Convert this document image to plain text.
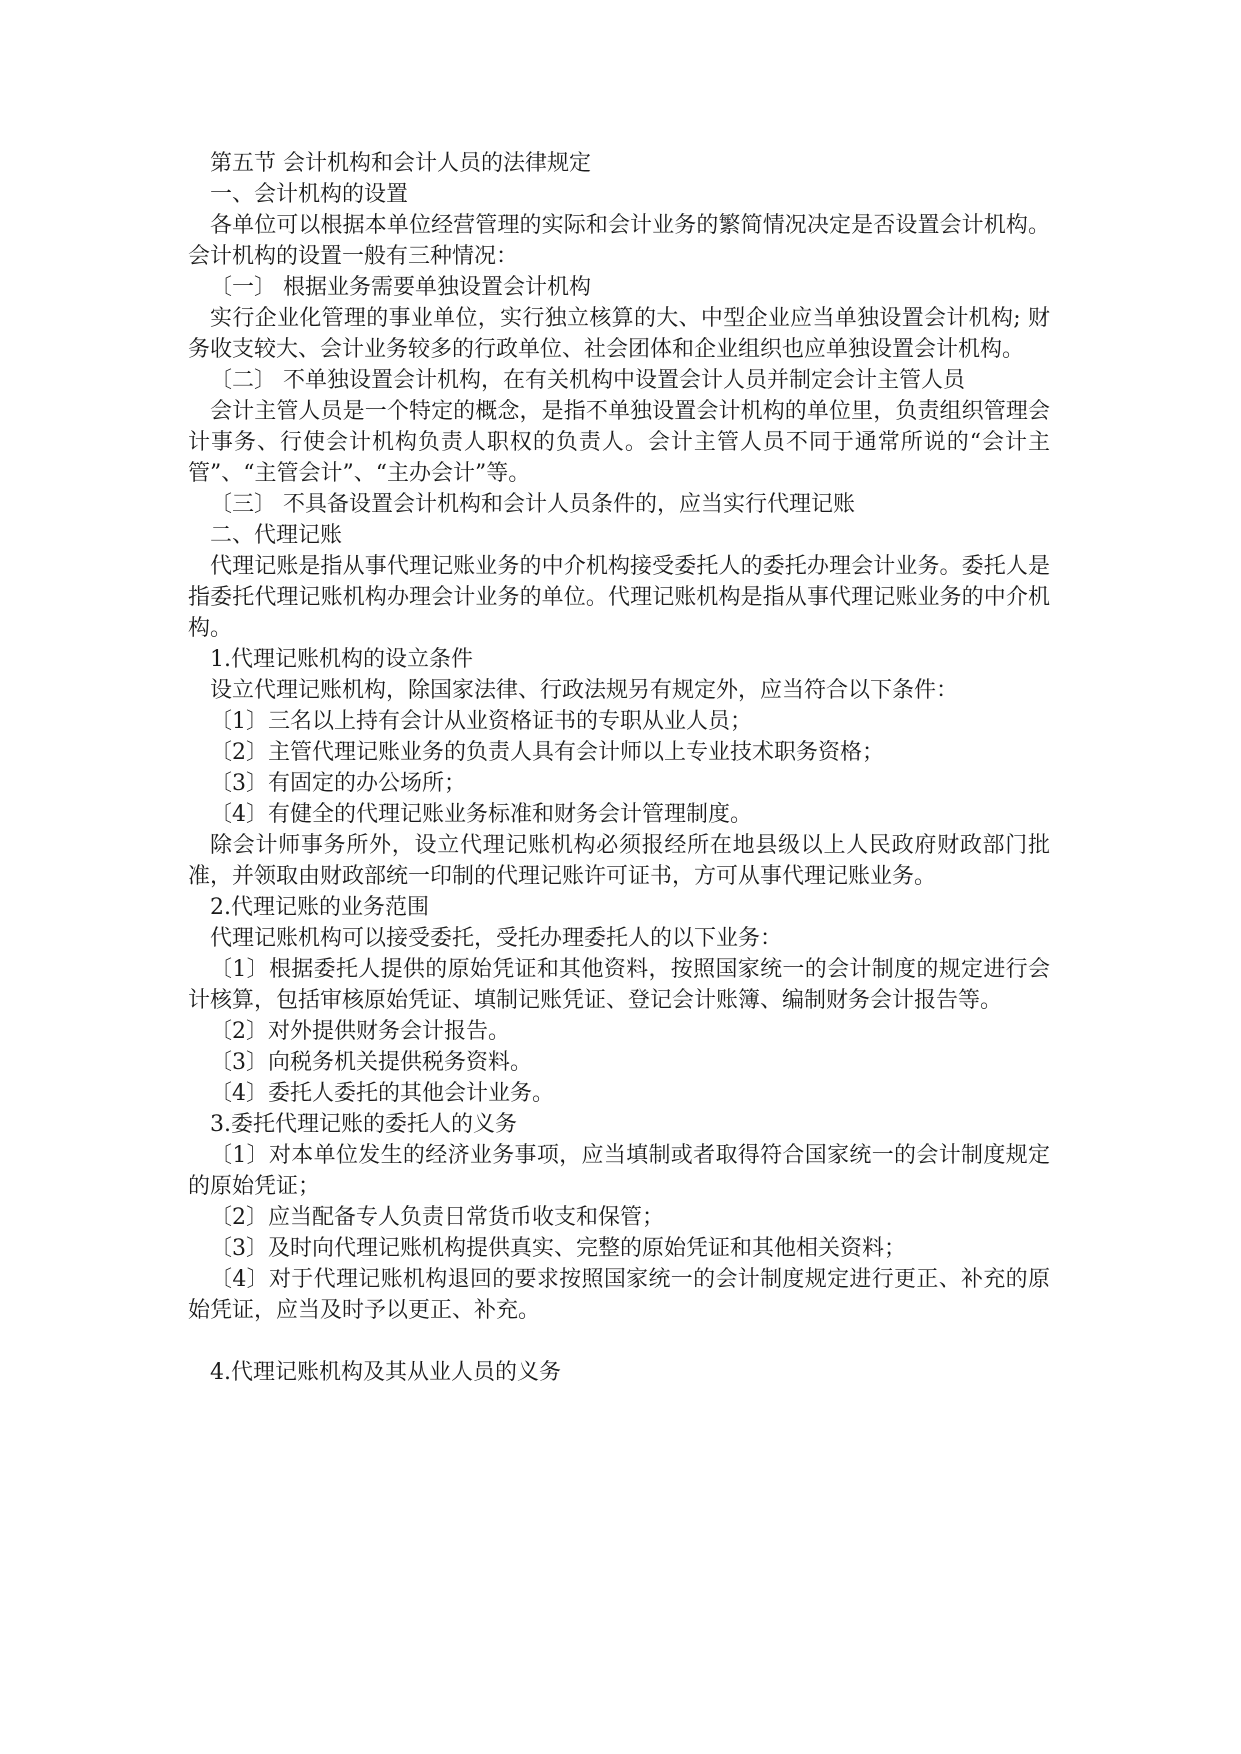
第五节 会计机构和会计人员的法律规定

一、会计机构的设置

各单位可以根据本单位经营管理的实际和会计业务的繁简情况决定是否设置会计机构。会计机构的设置一般有三种情况：

〔一〕 根据业务需要单独设置会计机构

实行企业化管理的事业单位，实行独立核算的大、中型企业应当单独设置会计机构; 财务收支较大、会计业务较多的行政单位、社会团体和企业组织也应单独设置会计机构。

〔二〕 不单独设置会计机构，在有关机构中设置会计人员并制定会计主管人员

会计主管人员是一个特定的概念，是指不单独设置会计机构的单位里，负责组织管理会计事务、行使会计机构负责人职权的负责人。会计主管人员不同于通常所说的“会计主管”、“主管会计”、“主办会计”等。

〔三〕 不具备设置会计机构和会计人员条件的，应当实行代理记账

二、代理记账

代理记账是指从事代理记账业务的中介机构接受委托人的委托办理会计业务。委托人是指委托代理记账机构办理会计业务的单位。代理记账机构是指从事代理记账业务的中介机构。

1.代理记账机构的设立条件

设立代理记账机构，除国家法律、行政法规另有规定外，应当符合以下条件：

〔1〕三名以上持有会计从业资格证书的专职从业人员；

〔2〕主管代理记账业务的负责人具有会计师以上专业技术职务资格；

〔3〕有固定的办公场所；

〔4〕有健全的代理记账业务标准和财务会计管理制度。

除会计师事务所外，设立代理记账机构必须报经所在地县级以上人民政府财政部门批准，并领取由财政部统一印制的代理记账许可证书，方可从事代理记账业务。

2.代理记账的业务范围

代理记账机构可以接受委托，受托办理委托人的以下业务：

〔1〕根据委托人提供的原始凭证和其他资料，按照国家统一的会计制度的规定进行会计核算，包括审核原始凭证、填制记账凭证、登记会计账簿、编制财务会计报告等。

〔2〕对外提供财务会计报告。

〔3〕向税务机关提供税务资料。

〔4〕委托人委托的其他会计业务。

3.委托代理记账的委托人的义务

〔1〕对本单位发生的经济业务事项，应当填制或者取得符合国家统一的会计制度规定的原始凭证；

〔2〕应当配备专人负责日常货币收支和保管；

〔3〕及时向代理记账机构提供真实、完整的原始凭证和其他相关资料；

〔4〕对于代理记账机构退回的要求按照国家统一的会计制度规定进行更正、补充的原始凭证，应当及时予以更正、补充。

4.代理记账机构及其从业人员的义务
